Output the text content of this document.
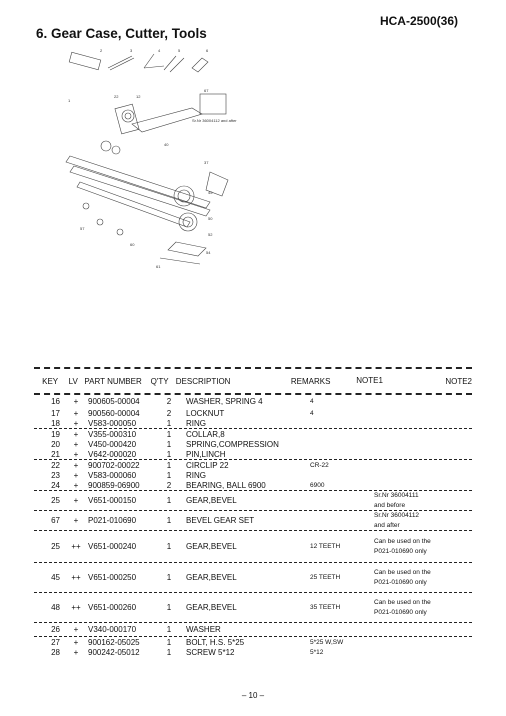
HCA-2500(36)
6. Gear Case, Cutter, Tools
2	3	4	5	6
1
22	12
67
Sr.Nr 36004112 and after
40
37
45
50
52
54
57
60
61
KEY	LV PART NUMBER	Q'TY DESCRIPTION	REMARKS	NOTE1	NOTE2
16	+	900605-00004	2	WASHER, SPRING 4	4
17	+	900560-00004	2	LOCKNUT	4
18	+	V583-000050	1	RING
19	+	V355-000310	1	COLLAR,8
20	+	V450-000420	1	SPRING,COMPRESSION
21	+	V642-000020	1	PIN,LINCH
22	+	900702-00022	1	CIRCLIP 22	CR-22
23	+	V583-000060	1	RING
24	+	900859-06900	2	BEARING, BALL 6900	6900
25	+	V651-000150	1	GEAR,BEVEL
Sr.Nr 36004111
and before
67	+	P021-010690	1	BEVEL GEAR SET
Sr.Nr 36004112
and after
25	++ V651-000240	1	GEAR,BEVEL	12 TEETH
Can be used on the
P021-010690 only
45	++ V651-000250	1	GEAR,BEVEL	25 TEETH
Can be used on the
P021-010690 only
48	++ V651-000260	1	GEAR,BEVEL	35 TEETH
Can be used on the
P021-010690 only
26	+	V340-000170	1	WASHER
27	+	900162-05025	1	BOLT, H.S. 5*25	5*25 W,SW
28	+	900242-05012	1	SCREW 5*12	5*12
– 10 –
